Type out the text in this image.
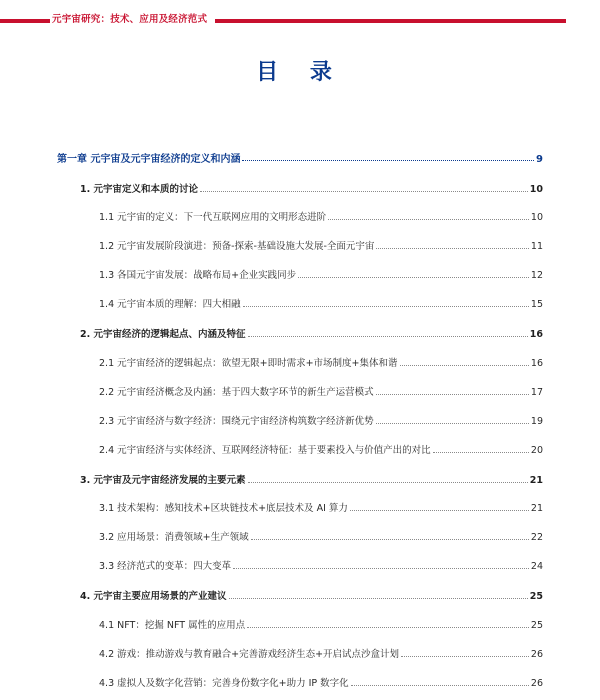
元宇宙研究：技术、应用及经济范式
目 录
第一章 元宇宙及元宇宙经济的定义和内涵	9
1. 元宇宙定义和本质的讨论	10
1.1 元宇宙的定义：下一代互联网应用的文明形态进阶	10
1.2 元宇宙发展阶段演进：预备-探索-基础设施大发展-全面元宇宙	11
1.3 各国元宇宙发展：战略布局+企业实践同步	12
1.4 元宇宙本质的理解：四大相融	15
2. 元宇宙经济的逻辑起点、内涵及特征	16
2.1 元宇宙经济的逻辑起点：欲望无限+即时需求+市场制度+集体和谐	16
2.2 元宇宙经济概念及内涵：基于四大数字环节的新生产运营模式	17
2.3 元宇宙经济与数字经济：围绕元宇宙经济构筑数字经济新优势	19
2.4 元宇宙经济与实体经济、互联网经济特征：基于要素投入与价值产出的对比	20
3. 元宇宙及元宇宙经济发展的主要元素	21
3.1 技术架构：感知技术+区块链技术+底层技术及 AI 算力	21
3.2 应用场景：消费领域+生产领域	22
3.3 经济范式的变革：四大变革	24
4. 元宇宙主要应用场景的产业建议	25
4.1 NFT：挖掘 NFT 属性的应用点	25
4.2 游戏：推动游戏与教育融合+完善游戏经济生态+开启试点沙盒计划	26
4.3 虚拟人及数字化营销：完善身份数字化+助力 IP 数字化	26
